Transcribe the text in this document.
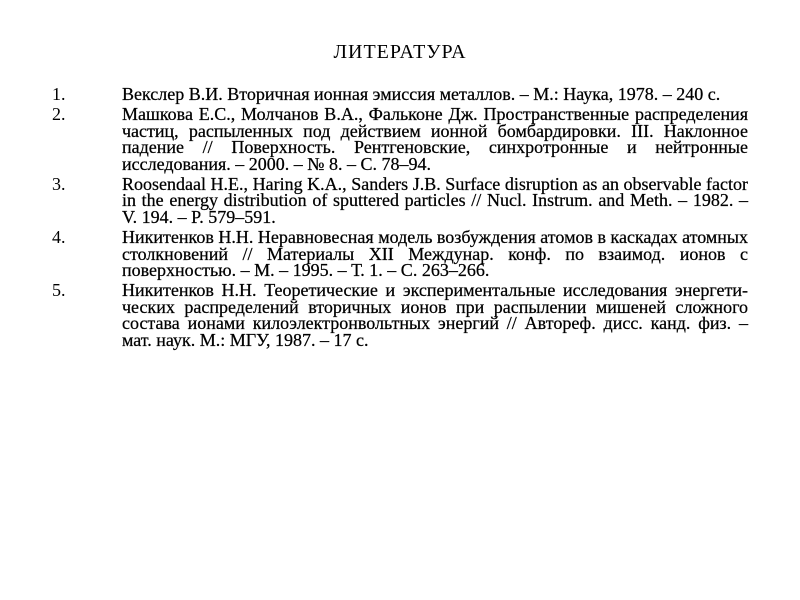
ЛИТЕРАТУРА
1.	Векслер В.И. Вторичная ионная эмиссия металлов. – М.: Наука, 1978. – 240 с.
2.	Машкова Е.С., Молчанов В.А., Фальконе Дж. Пространственные распределения частиц, распыленных под действием ионной бомбардировки. III. Наклонное падение // Поверхность. Рентгеновские, синхротронные и нейтронные исследования. – 2000. – № 8. – С. 78–94.
3.	Roosendaal H.E., Haring K.A., Sanders J.B. Surface disruption as an observable factor in the energy distribution of sputtered particles // Nucl. Instrum. and Meth. – 1982. – V. 194. – P. 579–591.
4.	Никитенков Н.Н. Неравновесная модель возбуждения атомов в каскадах атомных столкновений // Материалы XII Междунар. конф. по взаимод. ионов с поверхностью. – М. – 1995. – Т. 1. – С. 263–266.
5.	Никитенков Н.Н. Теоретические и экспериментальные исследования энергети-ческих распределений вторичных ионов при распылении мишеней сложного состава ионами килоэлектронвольтных энергий // Автореф. дисс. канд. физ. – мат. наук. М.: МГУ, 1987. – 17 с.
